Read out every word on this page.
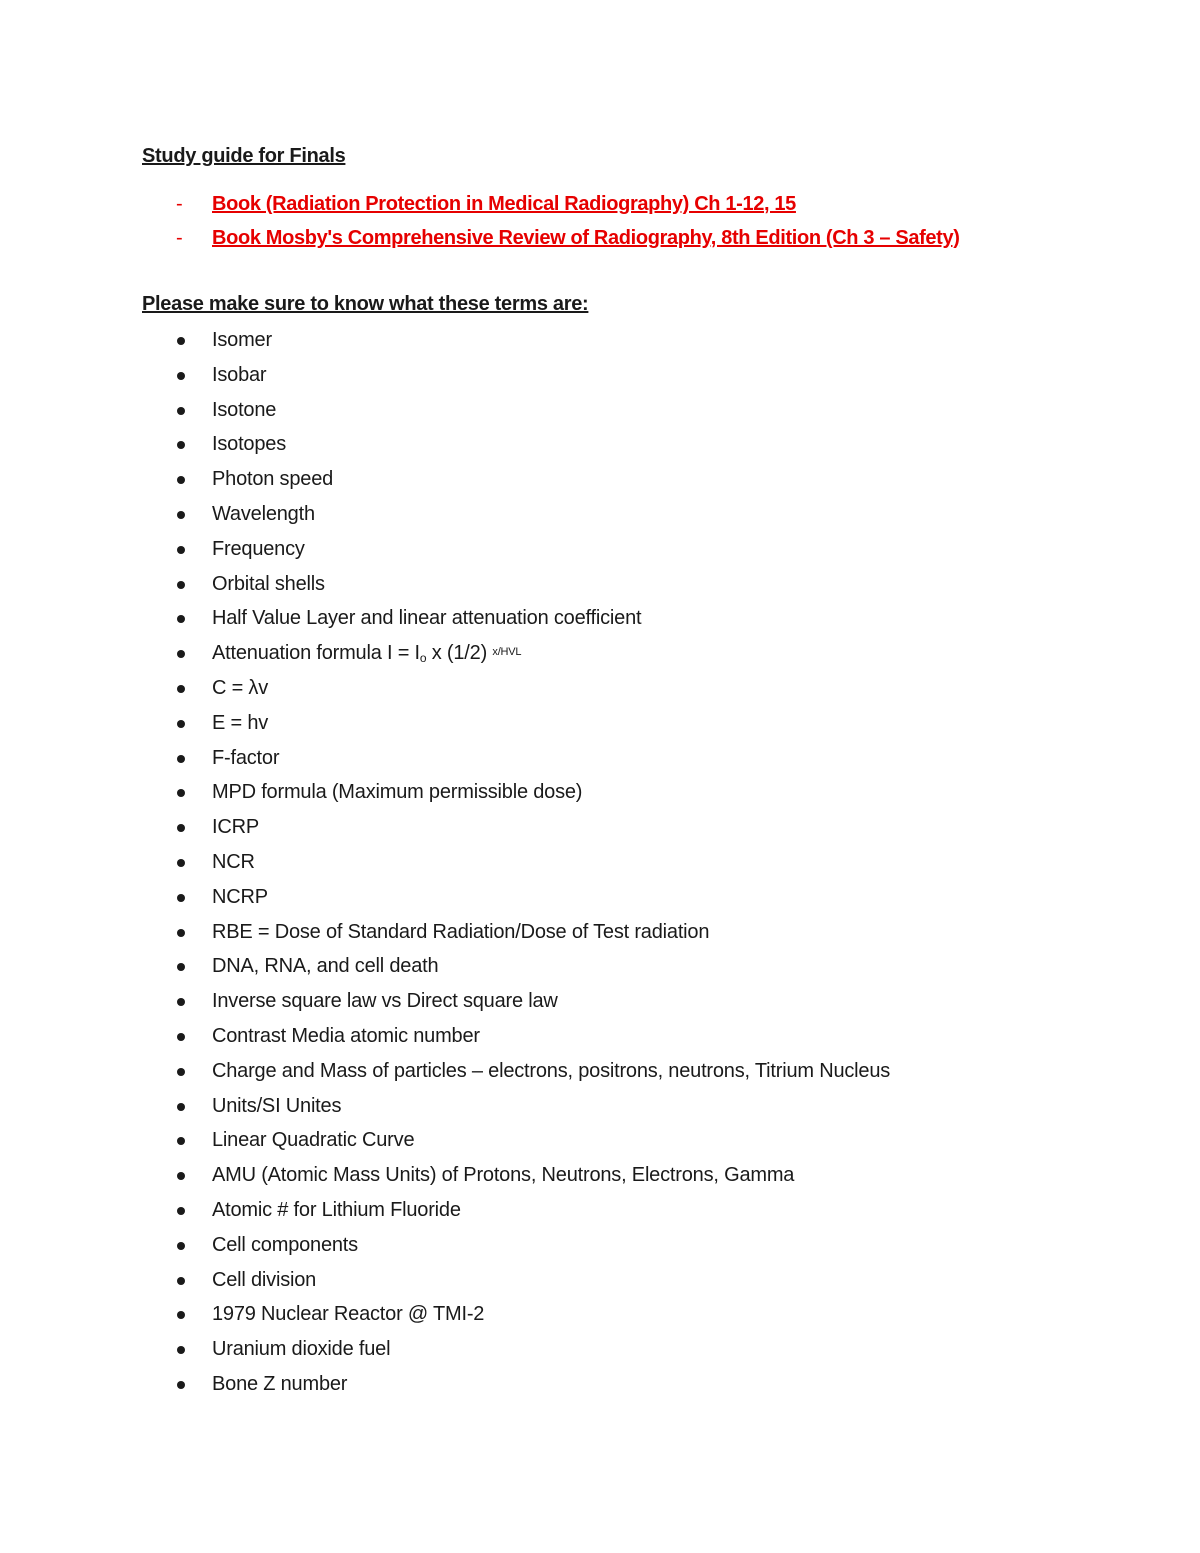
Study guide for Finals
- Book (Radiation Protection in Medical Radiography) Ch 1-12, 15
- Book Mosby's Comprehensive Review of Radiography, 8th Edition (Ch 3 – Safety)
Please make sure to know what these terms are:
Isomer
Isobar
Isotone
Isotopes
Photon speed
Wavelength
Frequency
Orbital shells
Half Value Layer and linear attenuation coefficient
Attenuation formula $I = I_o$ x (1/2) $^{x/HVL}$
C = λv
E = hv
F-factor
MPD formula (Maximum permissible dose)
ICRP
NCR
NCRP
RBE = Dose of Standard Radiation/Dose of Test radiation
DNA, RNA, and cell death
Inverse square law vs Direct square law
Contrast Media atomic number
Charge and Mass of particles – electrons, positrons, neutrons, Titrium Nucleus
Units/SI Unites
Linear Quadratic Curve
AMU (Atomic Mass Units) of Protons, Neutrons, Electrons, Gamma
Atomic # for Lithium Fluoride
Cell components
Cell division
1979 Nuclear Reactor @ TMI-2
Uranium dioxide fuel
Bone Z number
